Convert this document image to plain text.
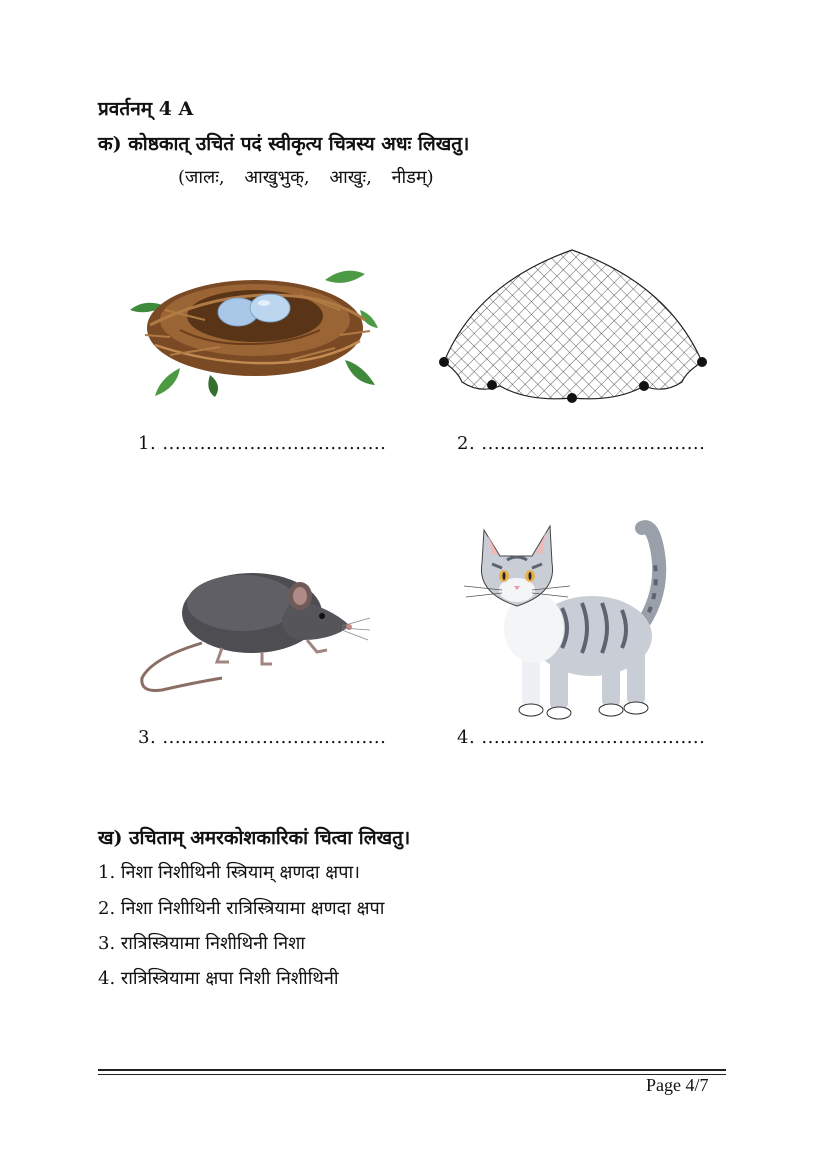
प्रवर्तनम् 4 A
क) कोष्ठकात् उचितं पदं स्वीकृत्य चित्रस्य अधः लिखतु।
(जालः, आखुभुक्, आखुः, नीडम्)
1. ....................................	2. ....................................
3. ....................................	4. ....................................
ख) उचिताम् अमरकोशकारिकां चित्वा लिखतु।
1. निशा निशीथिनी स्त्रियाम् क्षणदा क्षपा।
2. निशा निशीथिनी रात्रिस्त्रियामा क्षणदा क्षपा
3. रात्रिस्त्रियामा निशीथिनी निशा
4. रात्रिस्त्रियामा क्षपा निशी निशीथिनी
Page 4/7
